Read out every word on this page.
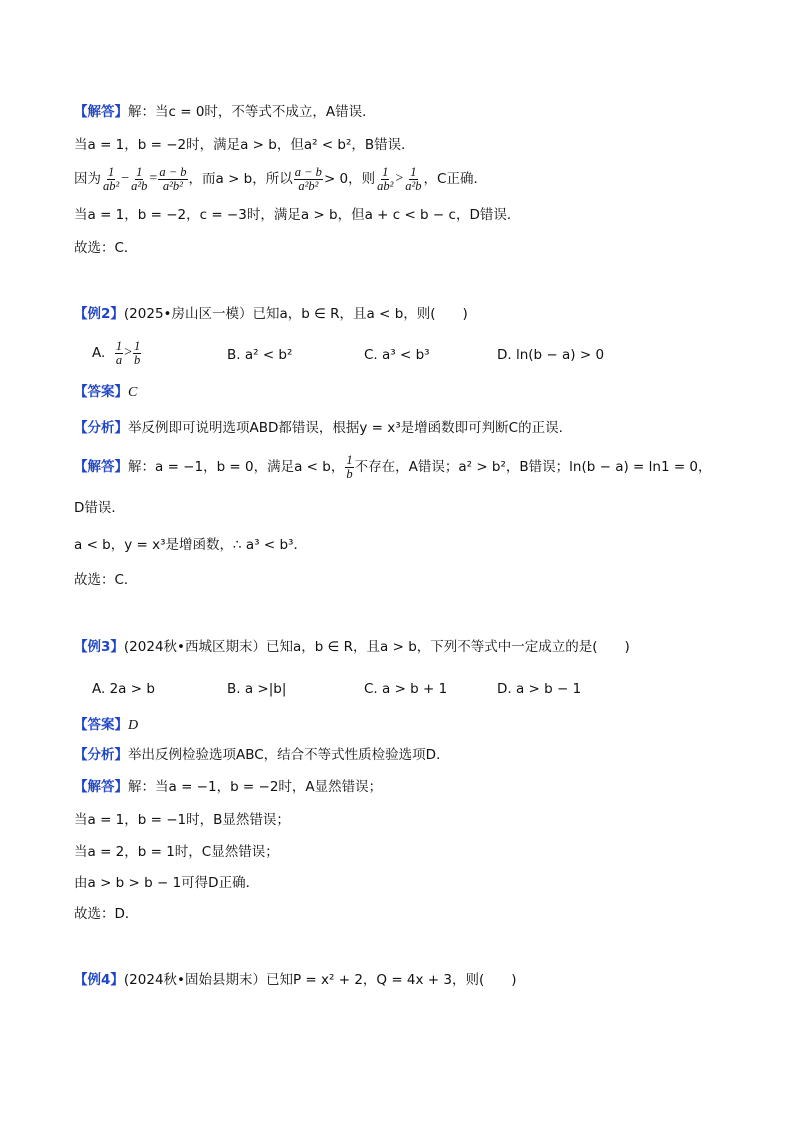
【解答】解：当c = 0时，不等式不成立，A错误．
当a = 1，b = −2时，满足a > b，但a² < b²，B错误．
因为 $\frac{1}{\text{ab²}} - \frac{1}{\text{a²b}} = \frac{a - b}{\text{a²b²}}$ ，而a > b，所以 $\frac{a - b}{\text{a²b²}} > 0$，则 $\frac{1}{\text{ab²}} > \frac{1}{\text{a²b}}$ ，C正确．
当a = 1，b = −2，c = −3时，满足a > b，但a + c < b − c，D错误．
故选：C．
【例2】(2025•房山区一模）已知a，b ∈ R，且a < b，则(　　)
A.
$\frac{1}{a} > \frac{1}{b}$	B. a² < b²	C. a³ < b³	D. ln(b − a) > 0
【答案】C
【分析】举反例即可说明选项ABD都错误，根据y = x³是增函数即可判断C的正误.
【解答】 解：a = −1，b = 0，满足a < b， $\frac{1}{b}$ 不存在，A错误；a² > b²，B错误；ln(b − a) = ln1 = 0，
D错误．
a < b，y = x³是增函数，∴ a³ < b³．
故选：C．
【例3】(2024秋•西城区期末）已知a，b ∈ R，且a > b，下列不等式中一定成立的是(　　)
A. 2a > b	B. a >|b|	C. a > b + 1	D. a > b − 1
【答案】D
【分析】举出反例检验选项ABC，结合不等式性质检验选项D．
【解答】解：当a = −1，b = −2时，A显然错误；
当a = 1，b = −1时，B显然错误；
当a = 2，b = 1时，C显然错误；
由a > b > b − 1可得D正确．
故选：D．
【例4】(2024秋•固始县期末）已知P = x² + 2，Q = 4x + 3，则(　　)
